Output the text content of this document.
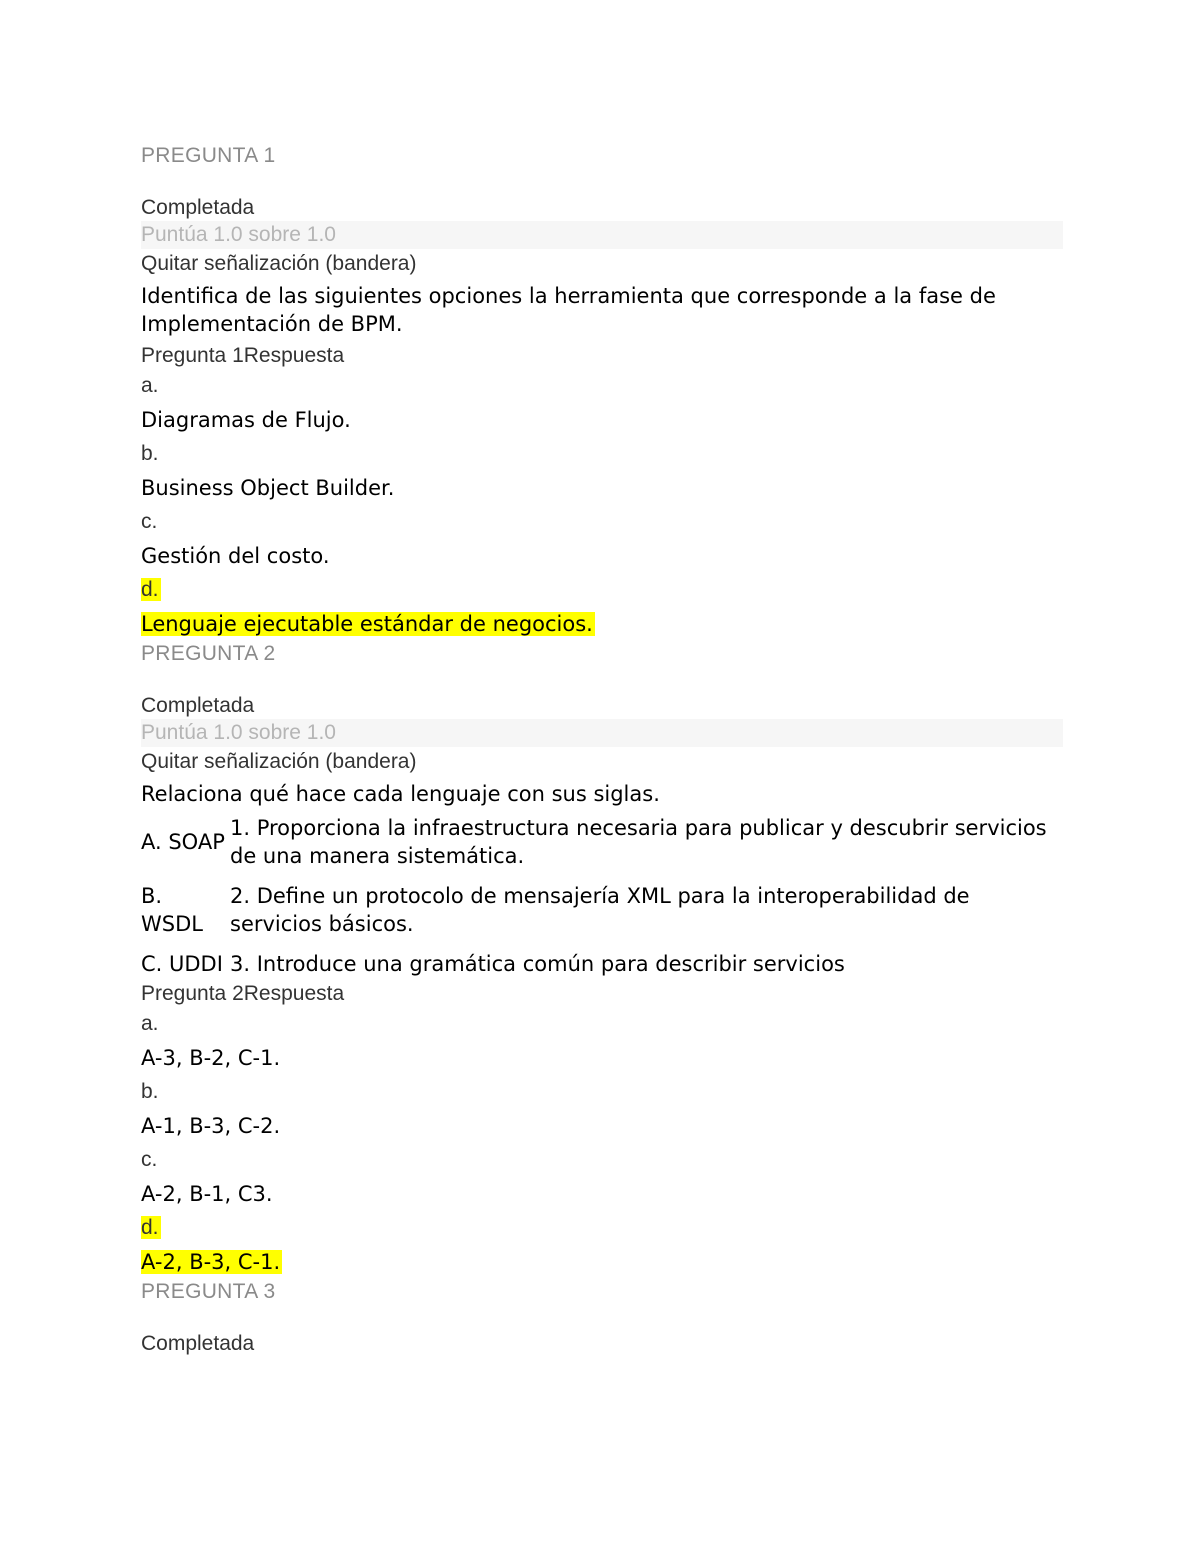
PREGUNTA 1
Completada
Puntúa 1.0 sobre 1.0
Quitar señalización (bandera)
Identifica de las siguientes opciones la herramienta que corresponde a la fase de Implementación de BPM.
Pregunta 1Respuesta
a.
Diagramas de Flujo.
b.
Business Object Builder.
c.
Gestión del costo.
d.
Lenguaje ejecutable estándar de negocios.
PREGUNTA 2
Completada
Puntúa 1.0 sobre 1.0
Quitar señalización (bandera)
Relaciona qué hace cada lenguaje con sus siglas.
A. SOAP	1. Proporciona la infraestructura necesaria para publicar y descubrir servicios de una manera sistemática.
B. WSDL	2. Define un protocolo de mensajería XML para la interoperabilidad de servicios básicos.
C. UDDI	3. Introduce una gramática común para describir servicios
Pregunta 2Respuesta
a.
A-3, B-2, C-1.
b.
A-1, B-3, C-2.
c.
A-2, B-1, C3.
d.
A-2, B-3, C-1.
PREGUNTA 3
Completada
